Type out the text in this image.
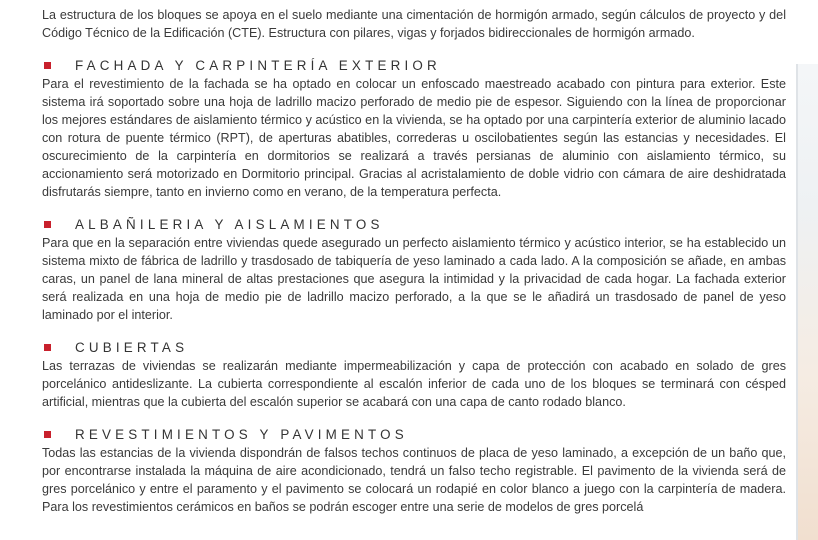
La estructura de los bloques se apoya en el suelo mediante una cimentación de hormigón armado, según cálculos de proyecto y del Código Técnico de la Edificación (CTE). Estructura con pilares, vigas y forjados bidireccionales de hormigón armado.

FACHADA Y CARPINTERÍA EXTERIOR

Para el revestimiento de la fachada se ha optado en colocar un enfoscado maestreado acabado con pintura para exterior. Este sistema irá soportado sobre una hoja de ladrillo macizo perforado de medio pie de espesor. Siguiendo con la línea de proporcionar los mejores estándares de aislamiento térmico y acústico en la vivienda, se ha optado por una carpintería exterior de aluminio lacado con rotura de puente térmico (RPT), de aperturas abatibles, correderas u oscilobatientes según las estancias y necesidades. El oscurecimiento de la carpintería en dormitorios se realizará a través persianas de aluminio con aislamiento térmico, su accionamiento será motorizado en Dormitorio principal. Gracias al acristalamiento de doble vidrio con cámara de aire deshidratada disfrutarás siempre, tanto en invierno como en verano, de la temperatura perfecta.

ALBAÑILERIA Y AISLAMIENTOS

Para que en la separación entre viviendas quede asegurado un perfecto aislamiento térmico y acústico interior, se ha establecido un sistema mixto de fábrica de ladrillo y trasdosado de tabiquería de yeso laminado a cada lado. A la composición se añade, en ambas caras, un panel de lana mineral de altas prestaciones que asegura la intimidad y la privacidad de cada hogar. La fachada exterior será realizada en una hoja de medio pie de ladrillo macizo perforado, a la que se le añadirá un trasdosado de panel de yeso laminado por el interior.

CUBIERTAS

Las terrazas de viviendas se realizarán mediante impermeabilización y capa de protección con acabado en solado de gres porcelánico antideslizante. La cubierta correspondiente al escalón inferior de cada uno de los bloques se terminará con césped artificial, mientras que la cubierta del escalón superior se acabará con una capa de canto rodado blanco.

REVESTIMIENTOS Y PAVIMENTOS

Todas las estancias de la vivienda dispondrán de falsos techos continuos de placa de yeso laminado, a excepción de un baño que, por encontrarse instalada la máquina de aire acondicionado, tendrá un falso techo registrable. El pavimento de la vivienda será de gres porcelánico y entre el paramento y el pavimento se colocará un rodapié en color blanco a juego con la carpintería de madera. Para los revestimientos cerámicos en baños se podrán escoger entre una serie de modelos de gres porcelá
